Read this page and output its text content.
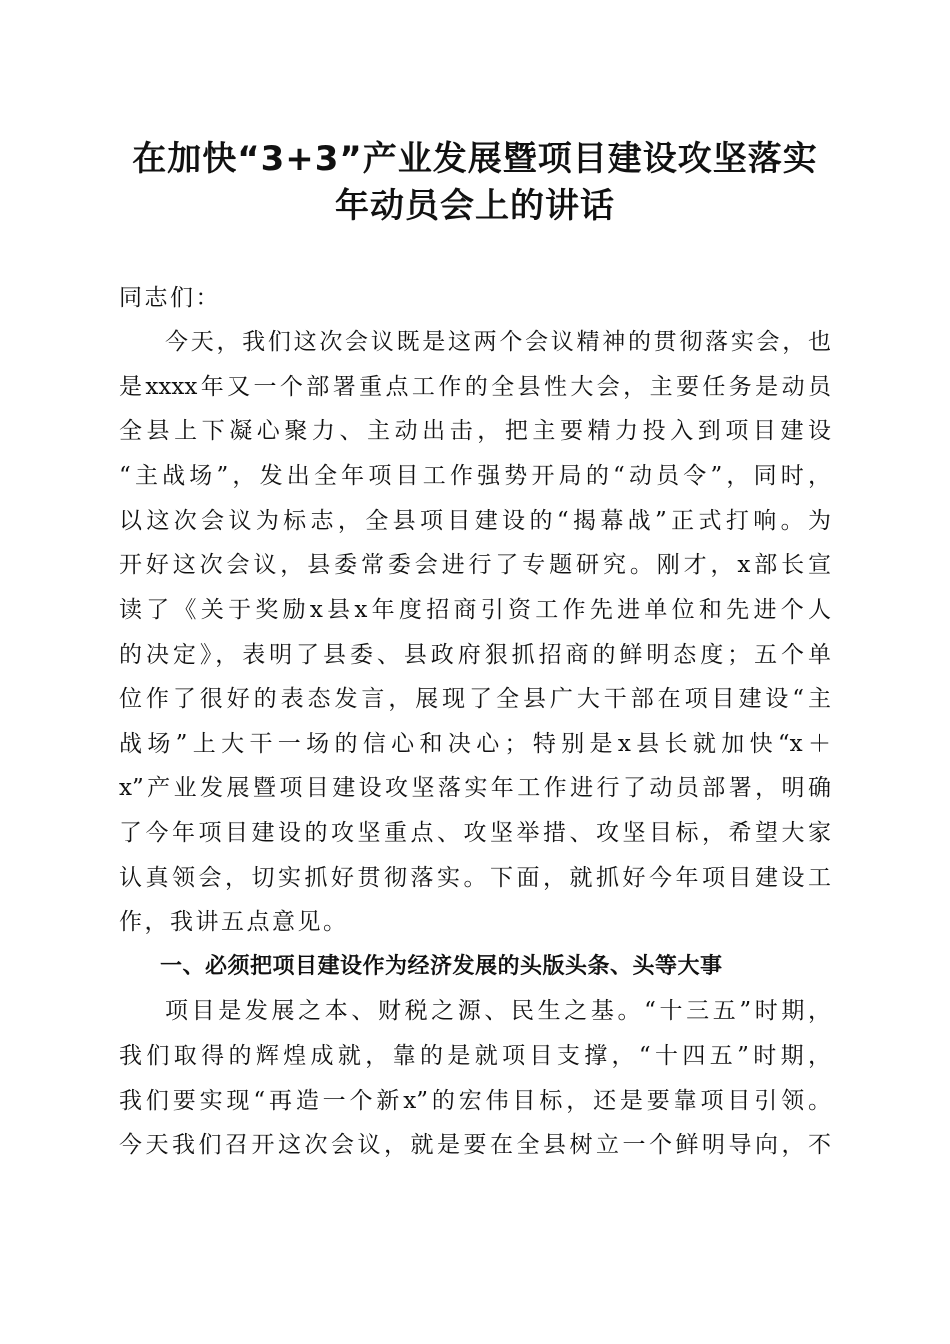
在加快“3+3”产业发展暨项目建设攻坚落实
年动员会上的讲话
同志们：
今天，我们这次会议既是这两个会议精神的贯彻落实会，也
是xxxx年又一个部署重点工作的全县性大会，主要任务是动员
全县上下凝心聚力、主动出击，把主要精力投入到项目建设
“主战场”，发出全年项目工作强势开局的“动员令”，同时，
以这次会议为标志，全县项目建设的“揭幕战”正式打响。为
开好这次会议，县委常委会进行了专题研究。刚才，x部长宣
读了《关于奖励x县x年度招商引资工作先进单位和先进个人
的决定》，表明了县委、县政府狠抓招商的鲜明态度；五个单
位作了很好的表态发言，展现了全县广大干部在项目建设“主
战场”上大干一场的信心和决心；特别是x县长就加快“x＋
x”产业发展暨项目建设攻坚落实年工作进行了动员部署，明确
了今年项目建设的攻坚重点、攻坚举措、攻坚目标，希望大家
认真领会，切实抓好贯彻落实。下面，就抓好今年项目建设工
作，我讲五点意见。
一、必须把项目建设作为经济发展的头版头条、头等大事
项目是发展之本、财税之源、民生之基。“十三五”时期，
我们取得的辉煌成就，靠的是就项目支撑，“十四五”时期，
我们要实现“再造一个新x”的宏伟目标，还是要靠项目引领。
今天我们召开这次会议，就是要在全县树立一个鲜明导向，不
